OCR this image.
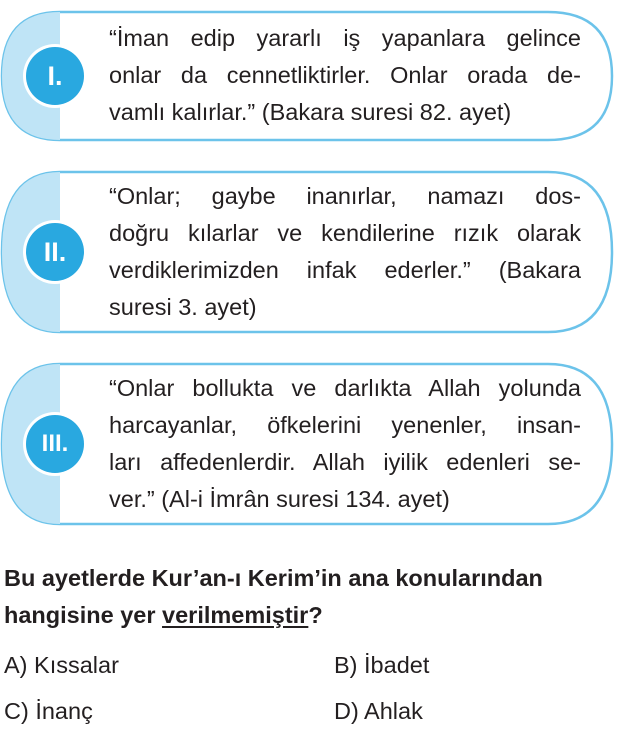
I.
“İman edip yararlı iş yapanlara gelince
onlar da cennetliktirler. Onlar orada de-
vamlı kalırlar.” (Bakara suresi 82. ayet)
II.
“Onlar; gaybe inanırlar, namazı dos-
doğru kılarlar ve kendilerine rızık olarak
verdiklerimizden infak ederler.” (Bakara
suresi 3. ayet)
III.
“Onlar bollukta ve darlıkta Allah yolunda
harcayanlar, öfkelerini yenenler, insan-
ları affedenlerdir. Allah iyilik edenleri se-
ver.” (Al-i İmrân suresi 134. ayet)
Bu ayetlerde Kur’an-ı Kerim’in ana konularından
hangisine yer verilmemiştir?
A) Kıssalar	B) İbadet
C) İnanç	D) Ahlak
